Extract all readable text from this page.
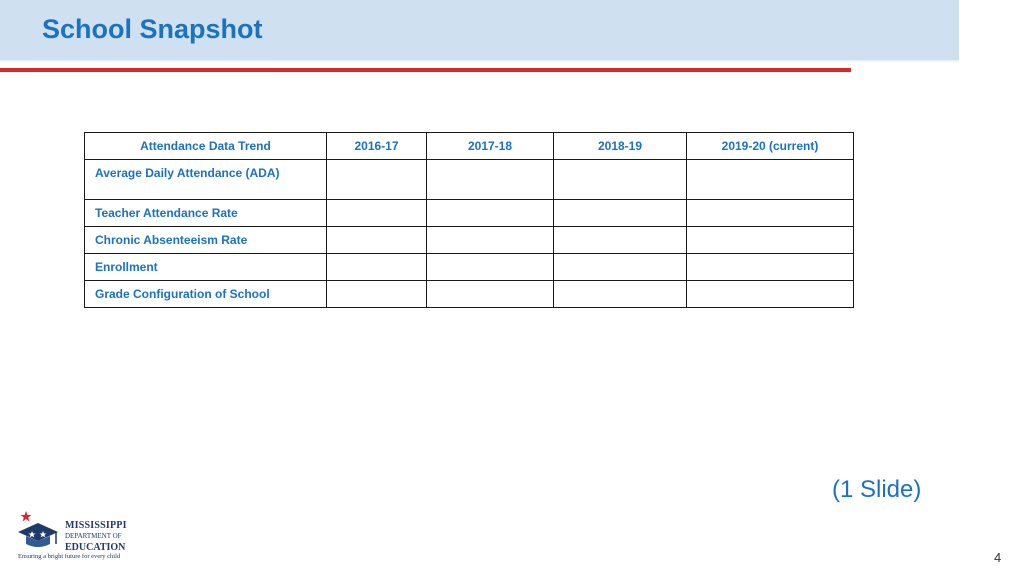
School Snapshot
Attendance Data Trend	2016-17	2017-18	2018-19	2019-20 (current)
Average Daily Attendance (ADA)				
Teacher Attendance Rate				
Chronic Absenteeism Rate				
Enrollment				
Grade Configuration of School				
(1 Slide)
4
MISSISSIPPI
DEPARTMENT OF
EDUCATION
Ensuring a bright future for every child
